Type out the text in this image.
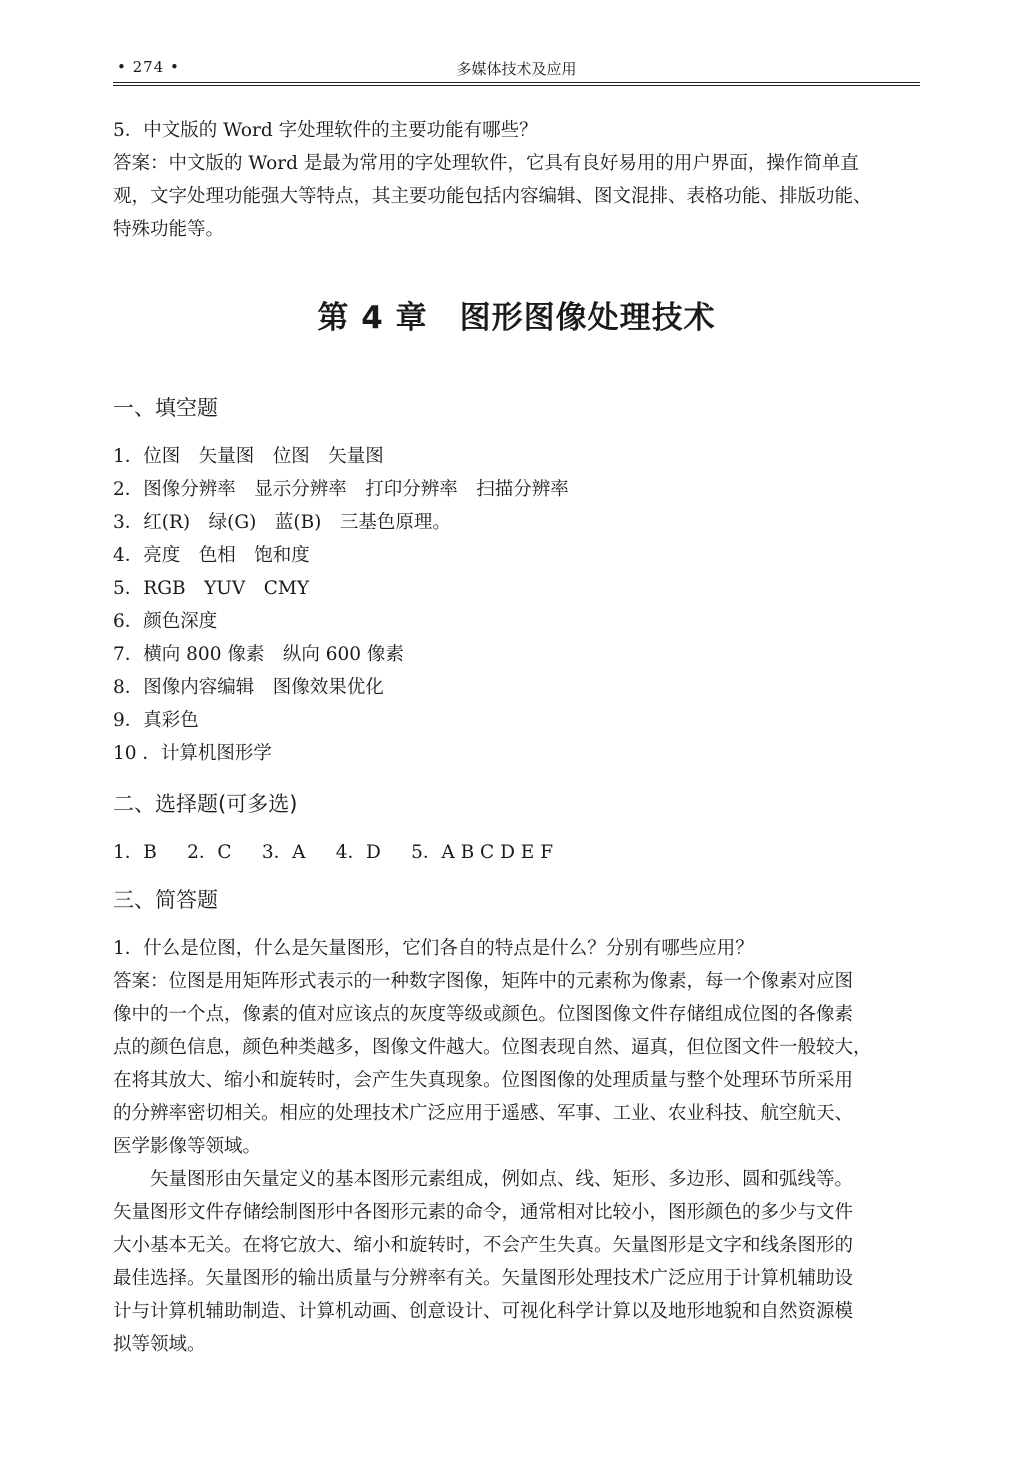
• 274 •	多媒体技术及应用
5．中文版的 Word 字处理软件的主要功能有哪些？
答案：中文版的 Word 是最为常用的字处理软件，它具有良好易用的用户界面，操作简单直
观，文字处理功能强大等特点，其主要功能包括内容编辑、图文混排、表格功能、排版功能、
特殊功能等。
第 4 章　图形图像处理技术
一、填空题
1．位图　矢量图　位图　矢量图
2．图像分辨率　显示分辨率　打印分辨率　扫描分辨率
3．红(R)　绿(G)　蓝(B)　三基色原理。
4．亮度　色相　饱和度
5．RGB　YUV　CMY
6．颜色深度
7．横向 800 像素　纵向 600 像素
8．图像内容编辑　图像效果优化
9．真彩色
10 ．计算机图形学
二、选择题(可多选)
1．B　  2．C　  3．A　  4．D　  5．A B C D E F
三、简答题
1．什么是位图，什么是矢量图形，它们各自的特点是什么？分别有哪些应用？
答案：位图是用矩阵形式表示的一种数字图像，矩阵中的元素称为像素，每一个像素对应图
像中的一个点，像素的值对应该点的灰度等级或颜色。位图图像文件存储组成位图的各像素
点的颜色信息，颜色种类越多，图像文件越大。位图表现自然、逼真，但位图文件一般较大，
在将其放大、缩小和旋转时，会产生失真现象。位图图像的处理质量与整个处理环节所采用
的分辨率密切相关。相应的处理技术广泛应用于遥感、军事、工业、农业科技、航空航天、
医学影像等领域。
矢量图形由矢量定义的基本图形元素组成，例如点、线、矩形、多边形、圆和弧线等。
矢量图形文件存储绘制图形中各图形元素的命令，通常相对比较小，图形颜色的多少与文件
大小基本无关。在将它放大、缩小和旋转时，不会产生失真。矢量图形是文字和线条图形的
最佳选择。矢量图形的输出质量与分辨率有关。矢量图形处理技术广泛应用于计算机辅助设
计与计算机辅助制造、计算机动画、创意设计、可视化科学计算以及地形地貌和自然资源模
拟等领域。
